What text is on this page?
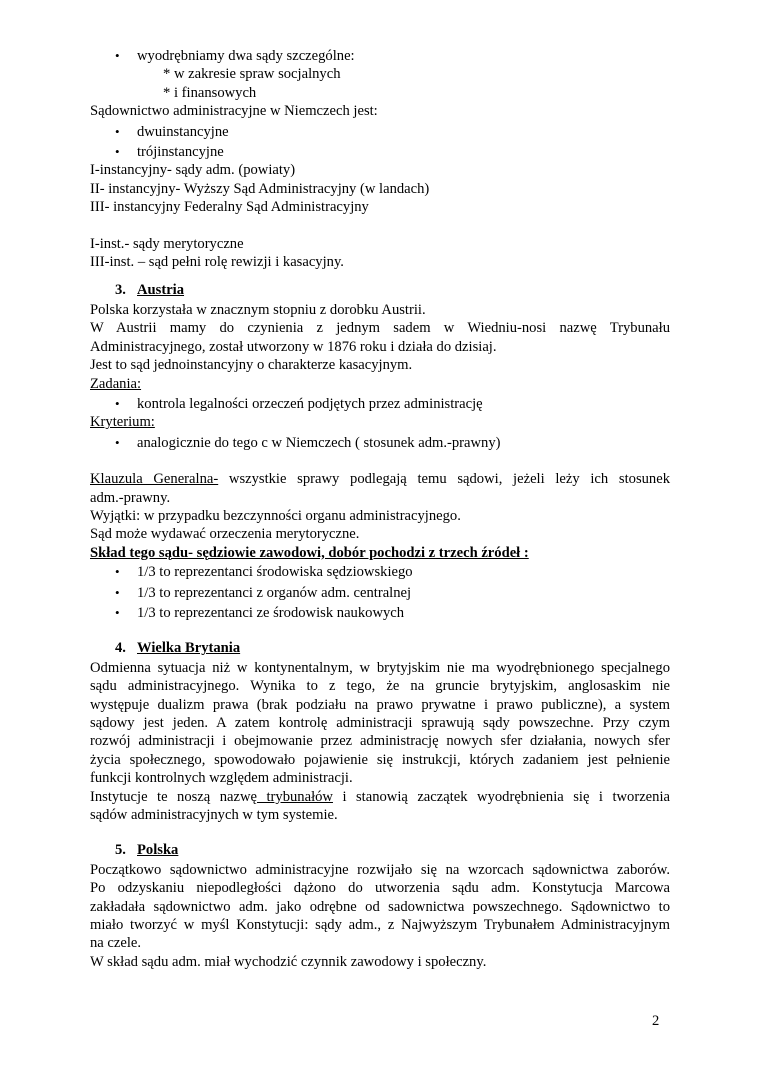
• wyodrębniamy dwa sądy szczególne:
* w zakresie spraw socjalnych
* i finansowych
Sądownictwo administracyjne w Niemczech jest:
• dwuinstancyjne
• trójinstancyjne
I-instancyjny- sądy adm. (powiaty)
II- instancyjny- Wyższy Sąd Administracyjny (w landach)
III- instancyjny Federalny Sąd Administracyjny
I-inst.- sądy merytoryczne
III-inst. – sąd pełni rolę rewizji i kasacyjny.
3. Austria
Polska korzystała w znacznym stopniu z dorobku Austrii.
W Austrii mamy do czynienia z jednym sadem w Wiedniu-nosi nazwę Trybunału
Administracyjnego, został utworzony w 1876 roku i działa do dzisiaj.
Jest to sąd jednoinstancyjny o charakterze kasacyjnym.
Zadania:
• kontrola legalności orzeczeń podjętych przez administrację
Kryterium:
• analogicznie do tego c w Niemczech ( stosunek adm.-prawny)
Klauzula Generalna- wszystkie sprawy podlegają temu sądowi, jeżeli leży ich stosunek
adm.-prawny.
Wyjątki: w przypadku bezczynności organu administracyjnego.
Sąd może wydawać orzeczenia merytoryczne.
Skład tego sądu- sędziowie zawodowi, dobór pochodzi z trzech źródeł :
• 1/3 to reprezentanci środowiska sędziowskiego
• 1/3 to reprezentanci z organów adm. centralnej
• 1/3 to reprezentanci ze środowisk naukowych
4. Wielka Brytania
Odmienna sytuacja niż w kontynentalnym, w brytyjskim nie ma wyodrębnionego specjalnego
sądu administracyjnego. Wynika to z tego, że na gruncie brytyjskim, anglosaskim nie
występuje dualizm prawa (brak podziału na prawo prywatne i prawo publiczne), a system
sądowy jest jeden. A zatem kontrolę administracji sprawują sądy powszechne. Przy czym
rozwój administracji i obejmowanie przez administrację nowych sfer działania, nowych sfer
życia społecznego, spowodowało pojawienie się instrukcji, których zadaniem jest pełnienie
funkcji kontrolnych względem administracji.
Instytucje te noszą nazwę trybunałów i stanowią zaczątek wyodrębnienia się i tworzenia
sądów administracyjnych w tym systemie.
5. Polska
Początkowo sądownictwo administracyjne rozwijało się na wzorcach sądownictwa zaborów.
Po odzyskaniu niepodległości dążono do utworzenia sądu adm. Konstytucja Marcowa
zakładała sądownictwo adm. jako odrębne od sadownictwa powszechnego. Sądownictwo to
miało tworzyć w myśl Konstytucji: sądy adm., z Najwyższym Trybunałem Administracyjnym
na czele.
W skład sądu adm. miał wychodzić czynnik zawodowy i społeczny.
2
